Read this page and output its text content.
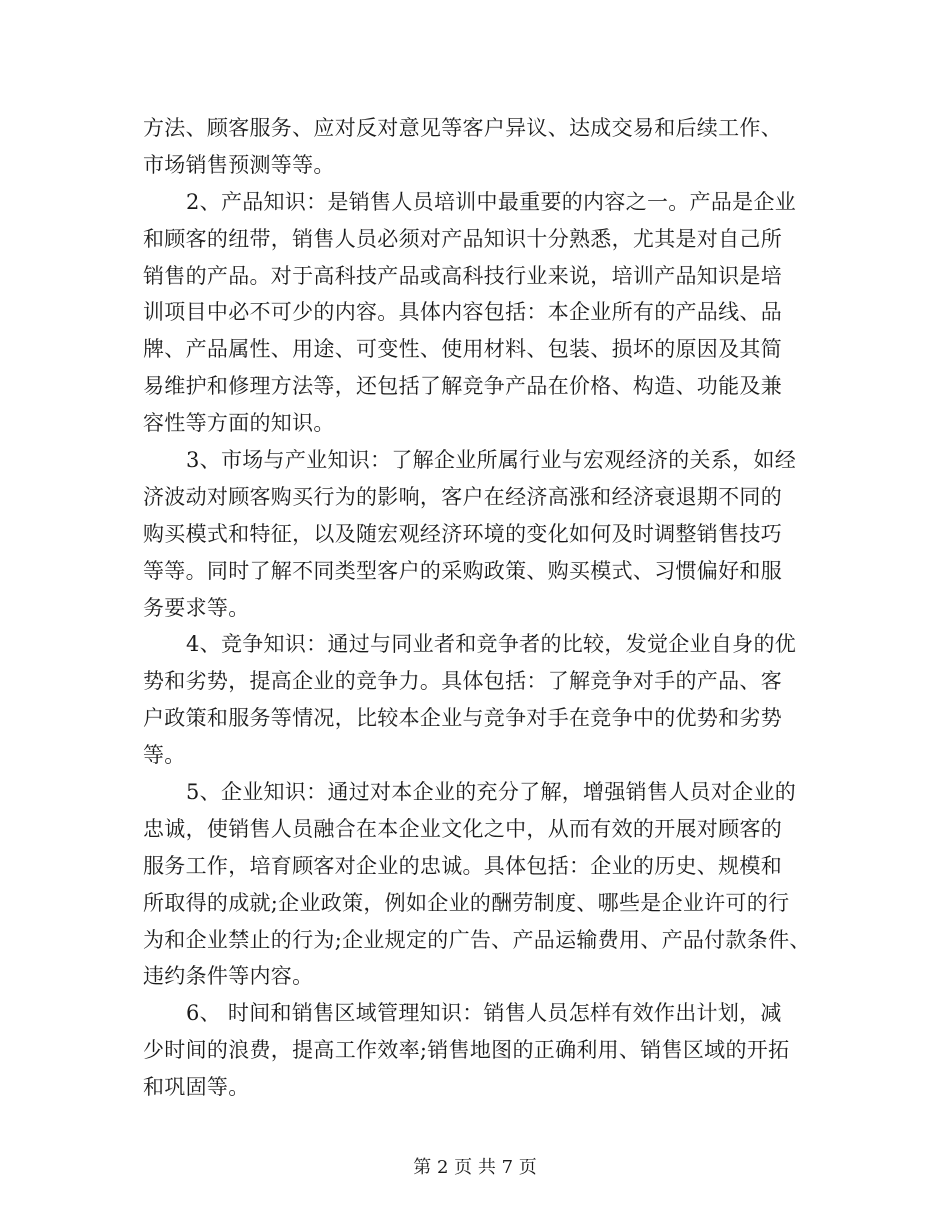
方法、顾客服务、应对反对意见等客户异议、达成交易和后续工作、
市场销售预测等等。
2、产品知识：是销售人员培训中最重要的内容之一。产品是企业
和顾客的纽带，销售人员必须对产品知识十分熟悉，尤其是对自己所
销售的产品。对于高科技产品或高科技行业来说，培训产品知识是培
训项目中必不可少的内容。具体内容包括：本企业所有的产品线、品
牌、产品属性、用途、可变性、使用材料、包装、损坏的原因及其简
易维护和修理方法等，还包括了解竞争产品在价格、构造、功能及兼
容性等方面的知识。
3、市场与产业知识：了解企业所属行业与宏观经济的关系，如经
济波动对顾客购买行为的影响，客户在经济高涨和经济衰退期不同的
购买模式和特征，以及随宏观经济环境的变化如何及时调整销售技巧
等等。同时了解不同类型客户的采购政策、购买模式、习惯偏好和服
务要求等。
4、竞争知识：通过与同业者和竞争者的比较，发觉企业自身的优
势和劣势，提高企业的竞争力。具体包括：了解竞争对手的产品、客
户政策和服务等情况，比较本企业与竞争对手在竞争中的优势和劣势
等。
5、企业知识：通过对本企业的充分了解，增强销售人员对企业的
忠诚，使销售人员融合在本企业文化之中，从而有效的开展对顾客的
服务工作，培育顾客对企业的忠诚。具体包括：企业的历史、规模和
所取得的成就;企业政策，例如企业的酬劳制度、哪些是企业许可的行
为和企业禁止的行为;企业规定的广告、产品运输费用、产品付款条件、
违约条件等内容。
6、 时间和销售区域管理知识：销售人员怎样有效作出计划，减
少时间的浪费，提高工作效率;销售地图的正确利用、销售区域的开拓
和巩固等。
第 2 页 共 7 页
